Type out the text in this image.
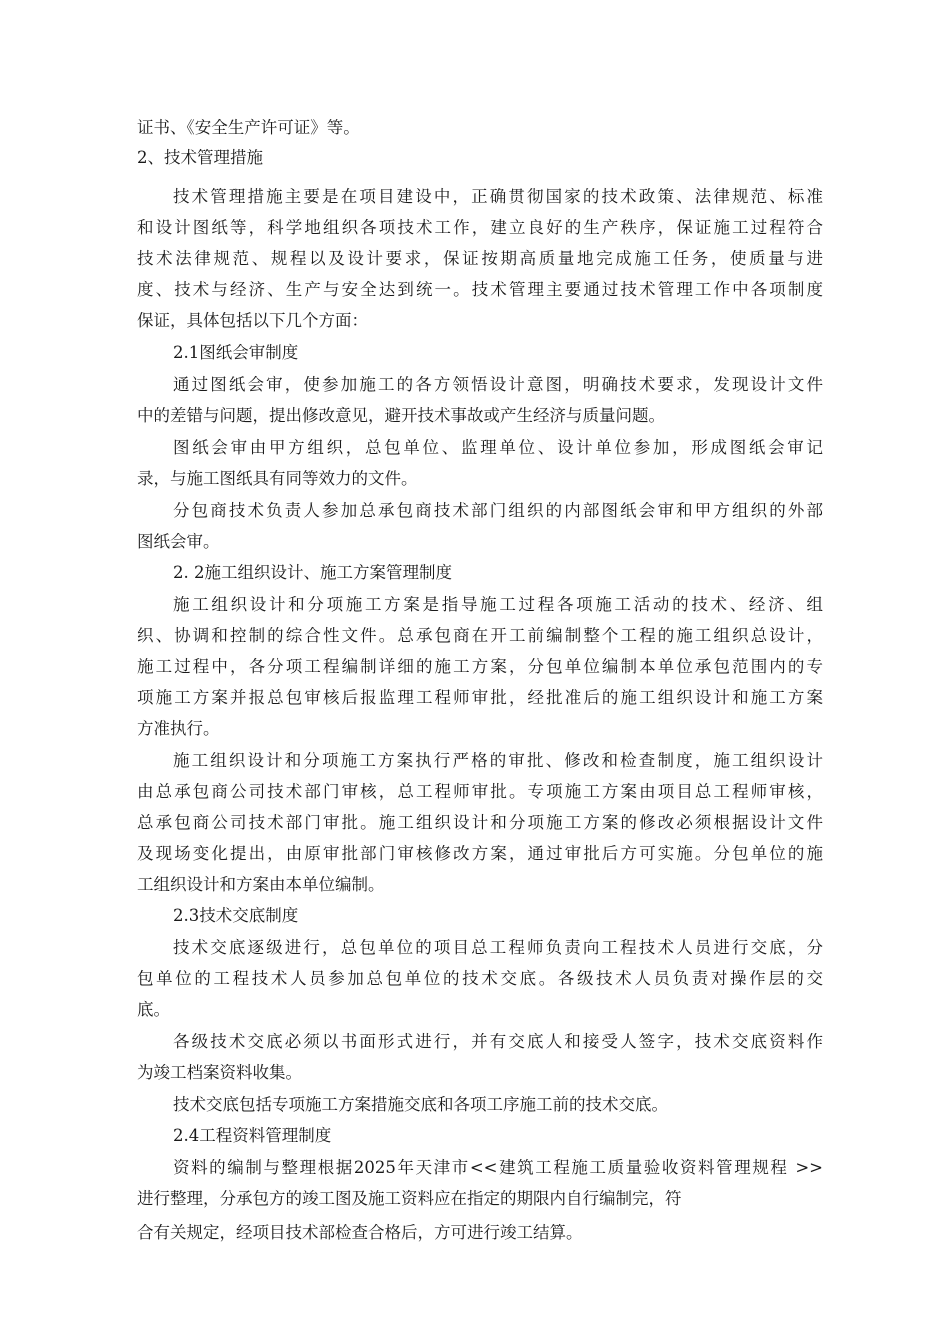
证书、《安全生产许可证》等。
2、技术管理措施
技术管理措施主要是在项目建设中，正确贯彻国家的技术政策、法律规范、标准
和设计图纸等，科学地组织各项技术工作，建立良好的生产秩序，保证施工过程符合
技术法律规范、规程以及设计要求，保证按期高质量地完成施工任务，使质量与进
度、技术与经济、生产与安全达到统一。技术管理主要通过技术管理工作中各项制度
保证，具体包括以下几个方面：
2.1图纸会审制度
通过图纸会审，使参加施工的各方领悟设计意图，明确技术要求，发现设计文件
中的差错与问题，提出修改意见，避开技术事故或产生经济与质量问题。
图纸会审由甲方组织，总包单位、监理单位、设计单位参加，形成图纸会审记
录，与施工图纸具有同等效力的文件。
分包商技术负责人参加总承包商技术部门组织的内部图纸会审和甲方组织的外部
图纸会审。
2. 2施工组织设计、施工方案管理制度
施工组织设计和分项施工方案是指导施工过程各项施工活动的技术、经济、组
织、协调和控制的综合性文件。总承包商在开工前编制整个工程的施工组织总设计，
施工过程中，各分项工程编制详细的施工方案，分包单位编制本单位承包范围内的专
项施工方案并报总包审核后报监理工程师审批，经批准后的施工组织设计和施工方案
方准执行。
施工组织设计和分项施工方案执行严格的审批、修改和检查制度，施工组织设计
由总承包商公司技术部门审核，总工程师审批。专项施工方案由项目总工程师审核，
总承包商公司技术部门审批。施工组织设计和分项施工方案的修改必须根据设计文件
及现场变化提出，由原审批部门审核修改方案，通过审批后方可实施。分包单位的施
工组织设计和方案由本单位编制。
2.3技术交底制度
技术交底逐级进行，总包单位的项目总工程师负责向工程技术人员进行交底，分
包单位的工程技术人员参加总包单位的技术交底。各级技术人员负责对操作层的交
底。
各级技术交底必须以书面形式进行，并有交底人和接受人签字，技术交底资料作
为竣工档案资料收集。
技术交底包括专项施工方案措施交底和各项工序施工前的技术交底。
2.4工程资料管理制度
资料的编制与整理根据2025年天津市<<建筑工程施工质量验收资料管理规程 >>
进行整理，分承包方的竣工图及施工资料应在指定的期限内自行编制完，符
合有关规定，经项目技术部检查合格后，方可进行竣工结算。
